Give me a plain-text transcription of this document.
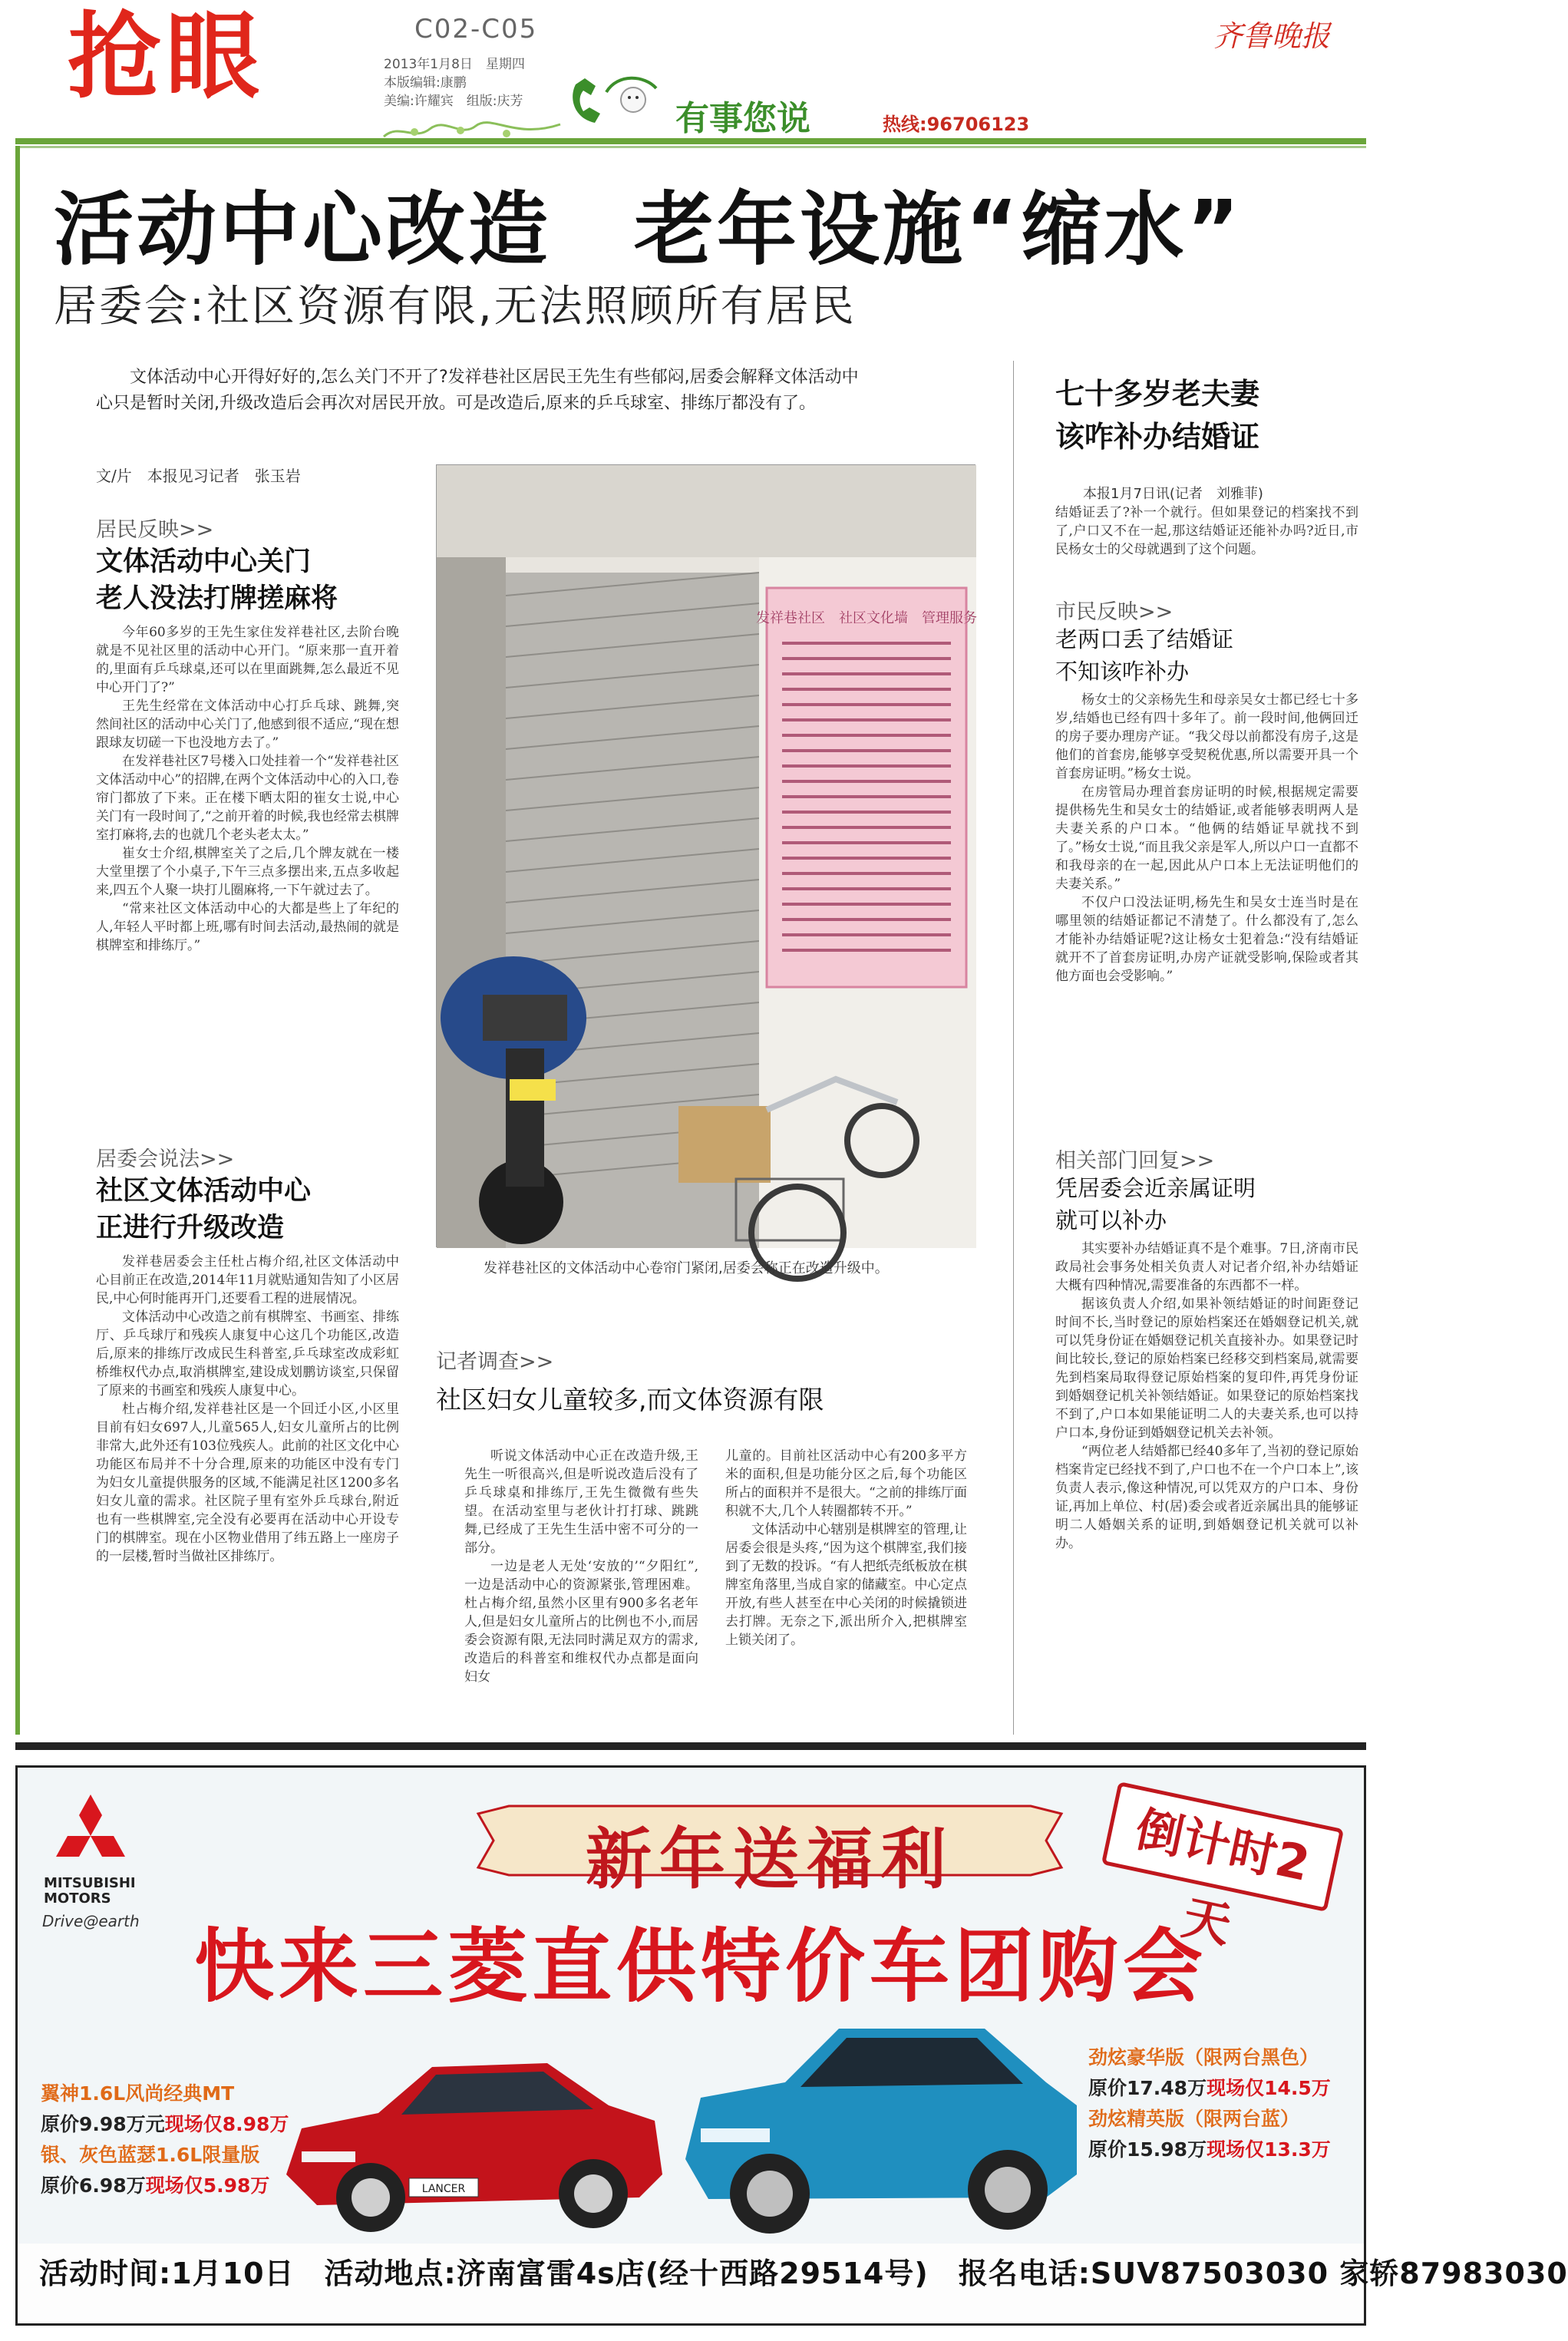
抢眼	C02-C05
2013年1月8日　星期四
本版编辑:康鹏
美编:许耀宾　组版:庆芳
齐鲁晚报
有事您说	热线:96706123
活动中心改造　老年设施“缩水”
居委会:社区资源有限,无法照顾所有居民
文体活动中心开得好好的,怎么关门不开了?发祥巷社区居民王先生有些郁闷,居委会解释文体活动中心只是暂时关闭,升级改造后会再次对居民开放。可是改造后,原来的乒乓球室、排练厅都没有了。
文/片　本报见习记者　张玉岩
居民反映>>
文体活动中心关门
老人没法打牌搓麻将

今年60多岁的王先生家住发祥巷社区,去阶台晚就是不见社区里的活动中心开门。“原来那一直开着的,里面有乒乓球桌,还可以在里面跳舞,怎么最近不见中心开门了?”

王先生经常在文体活动中心打乒乓球、跳舞,突然间社区的活动中心关门了,他感到很不适应,“现在想跟球友切磋一下也没地方去了。”

在发祥巷社区7号楼入口处挂着一个“发祥巷社区文体活动中心”的招牌,在两个文体活动中心的入口,卷帘门都放了下来。正在楼下晒太阳的崔女士说,中心关门有一段时间了,“之前开着的时候,我也经常去棋牌室打麻将,去的也就几个老头老太太。”

崔女士介绍,棋牌室关了之后,几个牌友就在一楼大堂里摆了个小桌子,下午三点多摆出来,五点多收起来,四五个人聚一块打儿圈麻将,一下午就过去了。

“常来社区文体活动中心的大都是些上了年纪的人,年轻人平时都上班,哪有时间去活动,最热闹的就是棋牌室和排练厅。”

居委会说法>>
社区文体活动中心
正进行升级改造

发祥巷居委会主任杜占梅介绍,社区文体活动中心目前正在改造,2014年11月就贴通知告知了小区居民,中心何时能再开门,还要看工程的进展情况。

文体活动中心改造之前有棋牌室、书画室、排练厅、乒乓球厅和残疾人康复中心这几个功能区,改造后,原来的排练厅改成民生科普室,乒乓球室改成彩虹桥维权代办点,取消棋牌室,建设成划鹏访谈室,只保留了原来的书画室和残疾人康复中心。

杜占梅介绍,发祥巷社区是一个回迁小区,小区里目前有妇女697人,儿童565人,妇女儿童所占的比例非常大,此外还有103位残疾人。此前的社区文化中心功能区布局并不十分合理,原来的功能区中没有专门为妇女儿童提供服务的区域,不能满足社区1200多名妇女儿童的需求。社区院子里有室外乒乓球台,附近也有一些棋牌室,完全没有必要再在活动中心开设专门的棋牌室。现在小区物业借用了纬五路上一座房子的一层楼,暂时当做社区排练厅。

发祥巷社区　社区文化墙　管理服务
发祥巷社区的文体活动中心卷帘门紧闭,居委会称正在改造升级中。
记者调查>>
社区妇女儿童较多,而文体资源有限

听说文体活动中心正在改造升级,王先生一听很高兴,但是听说改造后没有了乒乓球桌和排练厅,王先生微微有些失望。在活动室里与老伙计打打球、跳跳舞,已经成了王先生生活中密不可分的一部分。

一边是老人无处‘安放的’“夕阳红”,一边是活动中心的资源紧张,管理困难。杜占梅介绍,虽然小区里有900多名老年人,但是妇女儿童所占的比例也不小,而居委会资源有限,无法同时满足双方的需求,改造后的科普室和维权代办点都是面向妇女

儿童的。目前社区活动中心有200多平方米的面积,但是功能分区之后,每个功能区所占的面积并不是很大。“之前的排练厅面积就不大,几个人转圈都转不开。”

文体活动中心辖别是棋牌室的管理,让居委会很是头疼,“因为这个棋牌室,我们接到了无数的投诉。“有人把纸壳纸板放在棋牌室角落里,当成自家的储藏室。中心定点开放,有些人甚至在中心关闭的时候撬锁进去打牌。无奈之下,派出所介入,把棋牌室上锁关闭了。

七十多岁老夫妻
该咋补办结婚证

本报1月7日讯(记者　刘雅菲)

结婚证丢了?补一个就行。但如果登记的档案找不到了,户口又不在一起,那这结婚证还能补办吗?近日,市民杨女士的父母就遇到了这个问题。

市民反映>>
老两口丢了结婚证
不知该咋补办

杨女士的父亲杨先生和母亲吴女士都已经七十多岁,结婚也已经有四十多年了。前一段时间,他俩回迁的房子要办理房产证。“我父母以前都没有房子,这是他们的首套房,能够享受契税优惠,所以需要开具一个首套房证明。”杨女士说。

在房管局办理首套房证明的时候,根据规定需要提供杨先生和吴女士的结婚证,或者能够表明两人是夫妻关系的户口本。“他俩的结婚证早就找不到了。”杨女士说,“而且我父亲是军人,所以户口一直都不和我母亲的在一起,因此从户口本上无法证明他们的夫妻关系。”

不仅户口没法证明,杨先生和吴女士连当时是在哪里领的结婚证都记不清楚了。什么都没有了,怎么才能补办结婚证呢?这让杨女士犯着急:“没有结婚证就开不了首套房证明,办房产证就受影响,保险或者其他方面也会受影响。”

相关部门回复>>
凭居委会近亲属证明
就可以补办

其实要补办结婚证真不是个难事。7日,济南市民政局社会事务处相关负责人对记者介绍,补办结婚证大概有四种情况,需要准备的东西都不一样。

据该负责人介绍,如果补领结婚证的时间距登记时间不长,当时登记的原始档案还在婚姻登记机关,就可以凭身份证在婚姻登记机关直接补办。如果登记时间比较长,登记的原始档案已经移交到档案局,就需要先到档案局取得登记原始档案的复印件,再凭身份证到婚姻登记机关补领结婚证。如果登记的原始档案找不到了,户口本如果能证明二人的夫妻关系,也可以持户口本,身份证到婚姻登记机关去补领。

“两位老人结婚都已经40多年了,当初的登记原始档案肯定已经找不到了,户口也不在一个户口本上”,该负责人表示,像这种情况,可以凭双方的户口本、身份证,再加上单位、村(居)委会或者近亲属出具的能够证明二人婚姻关系的证明,到婚姻登记机关就可以补办。

MITSUBISHI
MOTORS
Drive@earth
新年送福利	倒计时2天
快来三菱直供特价车团购会
LANCER
翼神1.6L风尚经典MT
原价9.98万元现场仅8.98万
银、灰色蓝瑟1.6L限量版
原价6.98万现场仅5.98万
劲炫豪华版（限两台黑色）
原价17.48万现场仅14.5万
劲炫精英版（限两台蓝）
原价15.98万现场仅13.3万
活动时间:1月10日　活动地点:济南富雷4s店(经十西路29514号)　报名电话:SUV87503030 家轿87983030
